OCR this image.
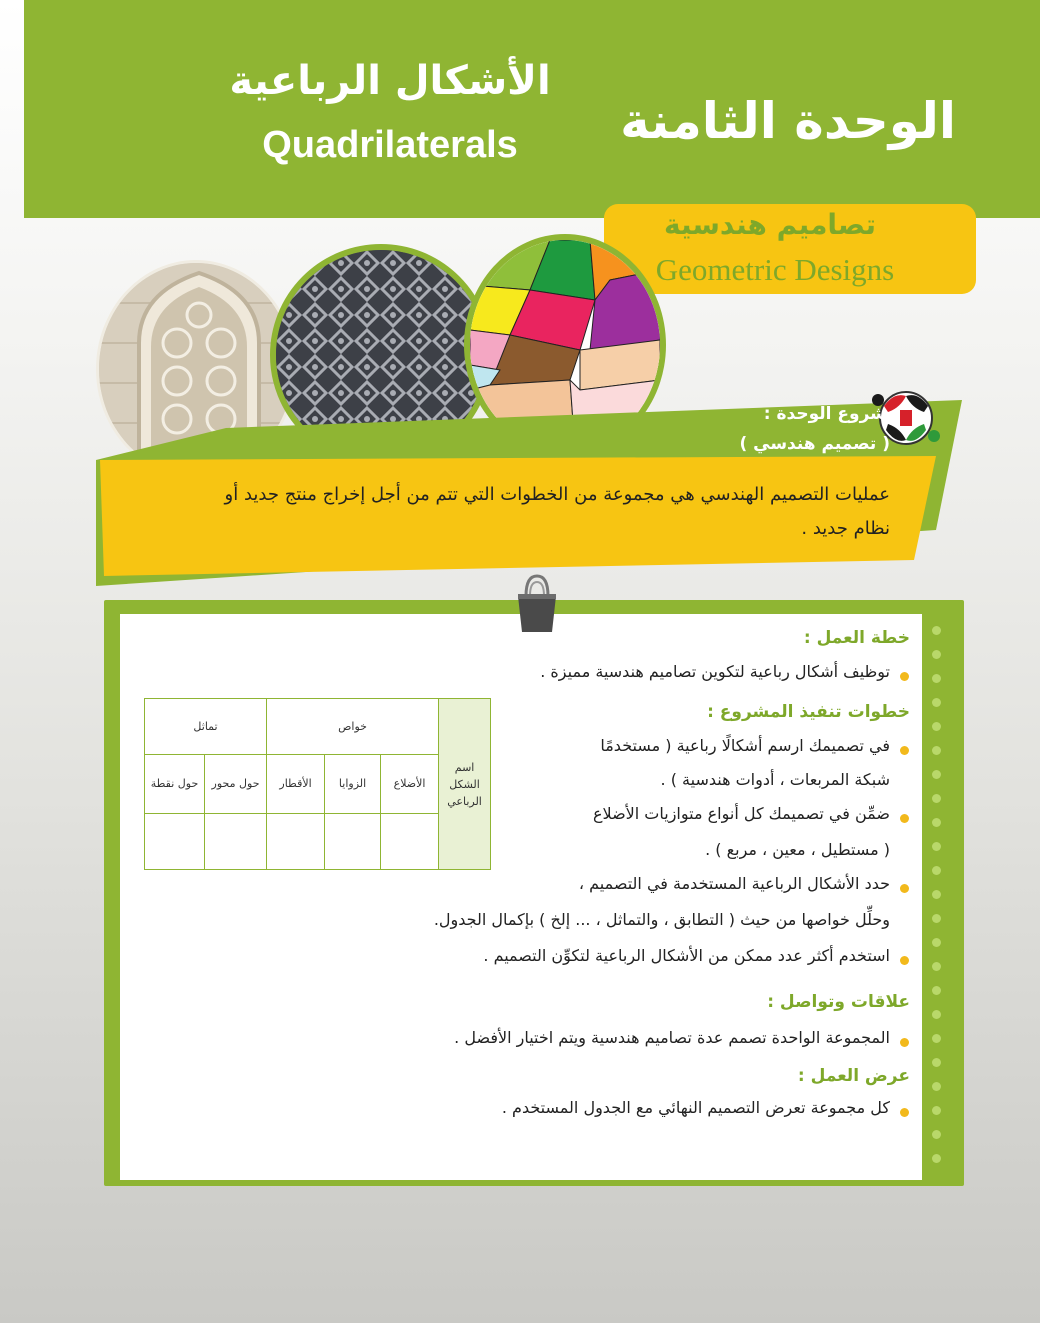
الوحدة الثامنة
الأشكال الرباعية
Quadrilaterals
تصاميم هندسية
Geometric Designs
مشروع الوحدة :
( تصميم هندسي )
عمليات التصميم الهندسي هي مجموعة من الخطوات التي تتم من أجل إخراج منتج جديد أو
نظام جديد .
خطة العمل :
توظيف أشكال رباعية لتكوين تصاميم هندسية مميزة .
خطوات تنفيذ المشروع :
في تصميمك ارسم أشكالًا رباعية ( مستخدمًا
شبكة المربعات ، أدوات هندسية ) .
ضمِّن في تصميمك كل أنواع متوازيات الأضلاع
( مستطيل ، معين ، مربع ) .
حدد الأشكال الرباعية المستخدمة في التصميم ،
وحلِّل خواصها من حيث ( التطابق ، والتماثل ، ... إلخ ) بإكمال الجدول.
استخدم أكثر عدد ممكن من الأشكال الرباعية لتكوِّن التصميم .
اسم الشكل الرباعي	خواص			تماثل	
	الأضلاع	الزوايا	الأقطار	حول محور	حول نقطة

علاقات وتواصل :
المجموعة الواحدة تصمم عدة تصاميم هندسية ويتم اختيار الأفضل .
عرض العمل :
كل مجموعة تعرض التصميم النهائي مع الجدول المستخدم .
